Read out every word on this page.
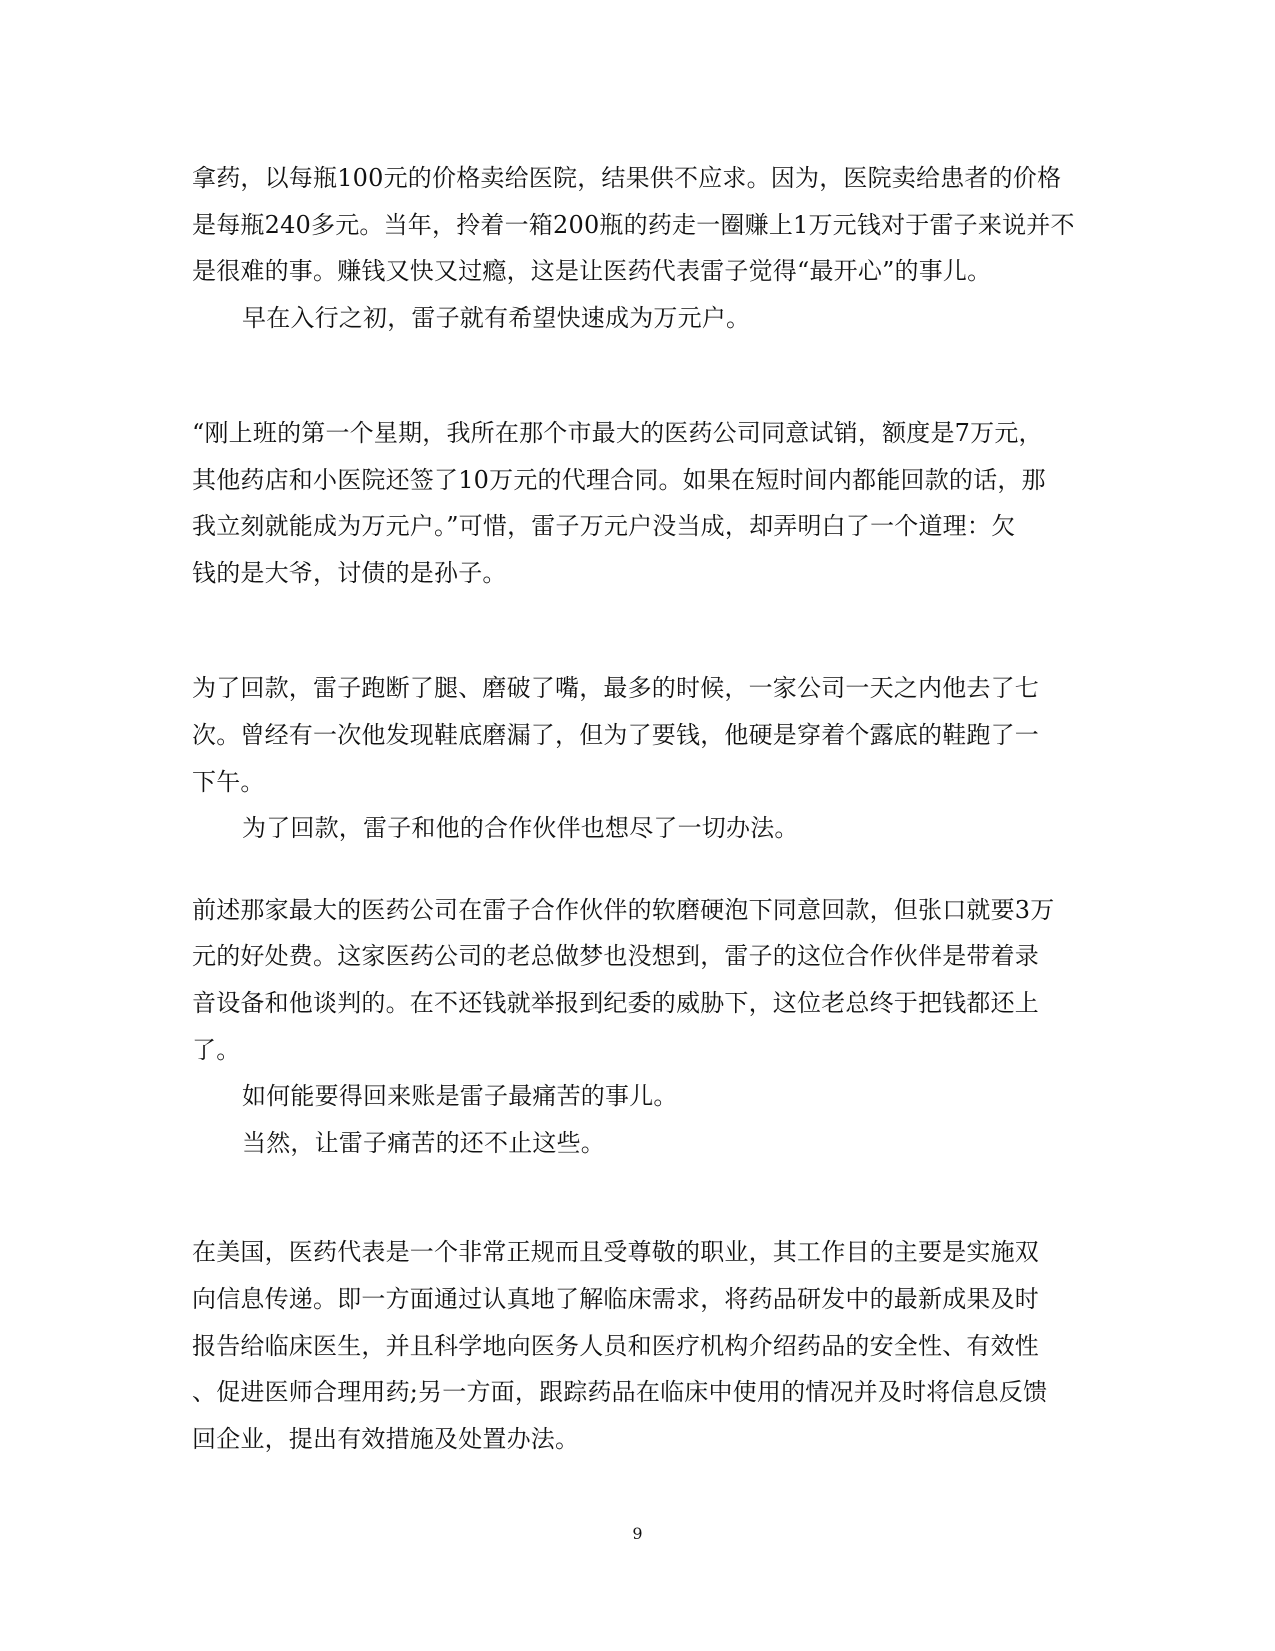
拿药，以每瓶100元的价格卖给医院，结果供不应求。因为，医院卖给患者的价格
是每瓶240多元。当年，拎着一箱200瓶的药走一圈赚上1万元钱对于雷子来说并不
是很难的事。赚钱又快又过瘾，这是让医药代表雷子觉得“最开心”的事儿。
早在入行之初，雷子就有希望快速成为万元户。
“刚上班的第一个星期，我所在那个市最大的医药公司同意试销，额度是7万元，
其他药店和小医院还签了10万元的代理合同。如果在短时间内都能回款的话，那
我立刻就能成为万元户。”可惜，雷子万元户没当成，却弄明白了一个道理：欠
钱的是大爷，讨债的是孙子。
为了回款，雷子跑断了腿、磨破了嘴，最多的时候，一家公司一天之内他去了七
次。曾经有一次他发现鞋底磨漏了，但为了要钱，他硬是穿着个露底的鞋跑了一
下午。
为了回款，雷子和他的合作伙伴也想尽了一切办法。
前述那家最大的医药公司在雷子合作伙伴的软磨硬泡下同意回款，但张口就要3万
元的好处费。这家医药公司的老总做梦也没想到，雷子的这位合作伙伴是带着录
音设备和他谈判的。在不还钱就举报到纪委的威胁下，这位老总终于把钱都还上
了。
如何能要得回来账是雷子最痛苦的事儿。
当然，让雷子痛苦的还不止这些。
在美国，医药代表是一个非常正规而且受尊敬的职业，其工作目的主要是实施双
向信息传递。即一方面通过认真地了解临床需求，将药品研发中的最新成果及时
报告给临床医生，并且科学地向医务人员和医疗机构介绍药品的安全性、有效性
、促进医师合理用药;另一方面，跟踪药品在临床中使用的情况并及时将信息反馈
回企业，提出有效措施及处置办法。
9
